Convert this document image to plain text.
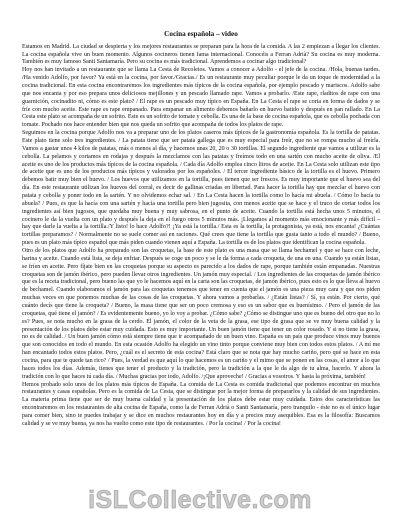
Cocina española – video

Estamos en Madrid. La ciudad se despierta y los mejores restaurantes se preparan para la hora de la comida. A las 2 empiezan a llegar los clientes. La cocina española vive un buen momento. Algunos cocineros tienen fama internacional. Conocéis a Ferran Adrià? Su cocina es muy moderna. También es muy famoso Santi Santamaría. Pero su cocina es más tradicional. Aprendemos a cocinar algo tradicional?

Hoy nos han invitado a un restaurante que se llama La Cesta de Recoletos. Vamos a conocer a Adolfo - el jefe de la cocina. /Hola, buenas tardes. /Ha venido Adolfo, por favor? Ya está en la cocina, por favor./Gracias./ Es un restaurante muy peculiar porque le da un toque de modernidad a la cocina tradicional. En esta cocina encontraremos los ingredientes más típicos de la cocina española, por ejemplo pescado y mariscos. Adolfo sabe que nos encanta y por eso prepara unos deliciosos mejillones y un pescado llamado rape. Vamos a probarlo. /Este rape, rladitos de rape con una guarnición, cocinadito ni, cómo es este plato? / El rape es un pescado muy típico en España. En La Cesta el rape se corta en forma de dados y se fríe con mucho aceite. Este rape es rape empanado. Para empanar un alimento debemos bañarlo en huevo batido y después en pan rallado. En La Cesta este plato se acompaña de un sofrito. Este es un sofrito de tomate y cebolla. Es una de la base de cocina española, que es cebolla pochada con tomate. Pochado nos hace entender bien que nos queda un sofrito que acompaña de todos los platos de rape.

Seguimos en la cocina porque Adolfo nos va a preparar uno de los platos caseros más típicos de la gastronomía española. Es la tortilla de patatas. Este plato tiene solo tres ingredientes. / La patata tiene que ser patata gallega que es muy especial para freír, que no se rompa mucho al freírla. Vamos a gastar unos 4 kilos de patatas, más o menos al día, y hacemos unas 20, 20 o 30 tortillas. El segundo ingrediente que vamos a utilizar es la cebolla. La pelamos y cortamos en rodajas y después la mezclamos con las patatas y freímos todo en una sartén con mucho aceite de oliva. /El aceite es uno de los productos más típicos de la cocina española. / Cada día Adolfo emplea cinco litros de aceite. En La Cesta solo utilizan este tipo de aceite que es uno de los productos más típicos y valorados por los españoles. / El tercer ingrediente básico de la tortilla es el huevo. Primero debemos batir muy bien el huevo. / Los huevos que utilizamos en la tortilla, pues tienen que ser frescos. Es muy importante que el huevo sea del día. En este restaurante utilizan los huevos del corral, es decir de gallinas criadas en libertad. Para hacer la tortilla hay que mezclar el huevo con patata y cebolla y poner todo en la sartén. Y no olvidemos echar sal. / En La Cesta hacen la tortilla como lo hacía mi abuela. / Cómo lo hacía tu abuela? / Pues, es que la hacía con una sartén y hacía una tortilla pero bien jugosita, con menos aceite que se hace y el truco de cortar todos los ingredientes así bien jugosos, que quedaba muy buena y muy sabrosa, en el punto de aceite. Cuando la tortilla está hecha unos 5 minutos, el cocinero le da la vuelta con un plato y después la deja en el fuego otros 5 minutos más. ¡Llegamos al momento más emocionante y más difícil – hay que darle la vuelta a la tortilla./Y listo! lo hace Adolfo?! ¡Ya está la tortilla./ Esta es la tortilla, la protagonista, ya está, nos encanta! ¿Cuántas tortillas preparamos? / Normalmente no se suele comer así en raciones. Qué crees que tiene la tortilla que gusta tanto a todo el mundo? / Bueno, pues es un plato más típico español que más piden cuando vienen aquí a España. La tortilla es de los platos que identifican la cocina española.

Otro de los platos que Adolfo ha preparado son las croquetas, la base de este plato es una masa que se llama bechamel y que se hace con leche, harina y aceite. Cuando está lista, se deja enfriar. Después se coge un poco y se le da forma a cada croqueta, de una en una. Cuando ya están listas, se fríen en aceite. Pero fíjate bien en las croquetas porque su aspecto es parecido a los dados de rape, porque también están empanadas. Nuestras croquetas son de jamón ibérico, pero pueden llevar otros ingredientes. Un jamón muy especial. / Los ingredientes de las croquetas de jamón ibérico que es la receta tradicional, pero bueno las que yo le hacemos aquí en la carta son las croquetas, de jamón ibérico, pues esto es lo que lleva al huevo de bechamel. Cuando elaboramos el jamón para las croquetas tenemos que tener en cuenta que el jamón es una pieza muy cara y que nos piden muchas veces en que ponemos muchas de las cosas de las croquetas. Y ahora vamos a probarlas. / ¿Están listas? / Sí, ya están. Por cierto, qué cuánto decís que tiene la croqueta? / Bueno, la masa tiene que ser un poco cremosa y eso es un sabor que es buenísimo. / Pero el jamón de las croquetas, qué tiene el jamón? / Es evidentemente bueno, yo lo voy a probar. ¿Cómo sabe? ¿Cómo se distingue uno que es bueno del otro que no lo es? Pues, se nota mucho en la grasa de la cerdo. El jamón, el color de la veta de la grasa, ese tipo de grasa que se ve muy buena calidad y la presentación de los platos debe estar muy cuidada. Esto es muy importante. Un buen jamón tiene que tener un color rosado. Y si no tiene la grasa, no es de calidad. / Un buen jamón cómo está siempre tiene que ir acompañado de un buen vino. España es un país que produce vinos muy buenos que son conocidos en todo el mundo. En esta ocasión Adolfo ha elegido un vino tinto porque conviene muy bien con todos estos platos. / A mí me han encantado todos estos platos. Pero, ¿cuál es el secreto de esta cocina? Está claro que se nota que hay mucho cariño, pero qué se hace en esta cocina, para que te quede tan rico? / Pues, la verdad es que aquí lo que hacemos es un cariño y el mimo que se ponen en las cosas, el amor a lo que haces todos los días. Además, tienes que tener el producto y la tradición, pero la tradición a la que le da algo de tu alma, hacerlo. Y ahora la tradición con lo que haces tú cada día. / Muchas gracias por todo, Adolfo. /¡Que aproveche! / Gracias a vosotros. Y hasta la próxima, también!

Hemos probado solo unos de los platos más típicos de España. La comida de La Cesta es comida tradicional que podemos encontrar en muchos restaurantes y casas españolas. Pero es la comida de La Cesta, que se distingue por la mejor forma de prepararlos y la calidad de sus ingredientes. La materia prima tiene que ser de muy buena calidad y la presentación de los platos debe estar muy cuidada. Estos dos características las encontraremos en los restaurantes de alta cocina de España, como la de Ferran Adrià o Santi Santamaría, pero tranquilo - éste no es el único lugar para comer bien, sino te puedes trabajar y se dice en muchos restaurantes hoy en día y a precios muy asequibles. Esa es la filosofía: Buscamos calidad y se ve muy buena, ya nos ha vuelto como este tipo de restaurantes. / Por la cocina! / Por la cocina!

iSLCollective.com
